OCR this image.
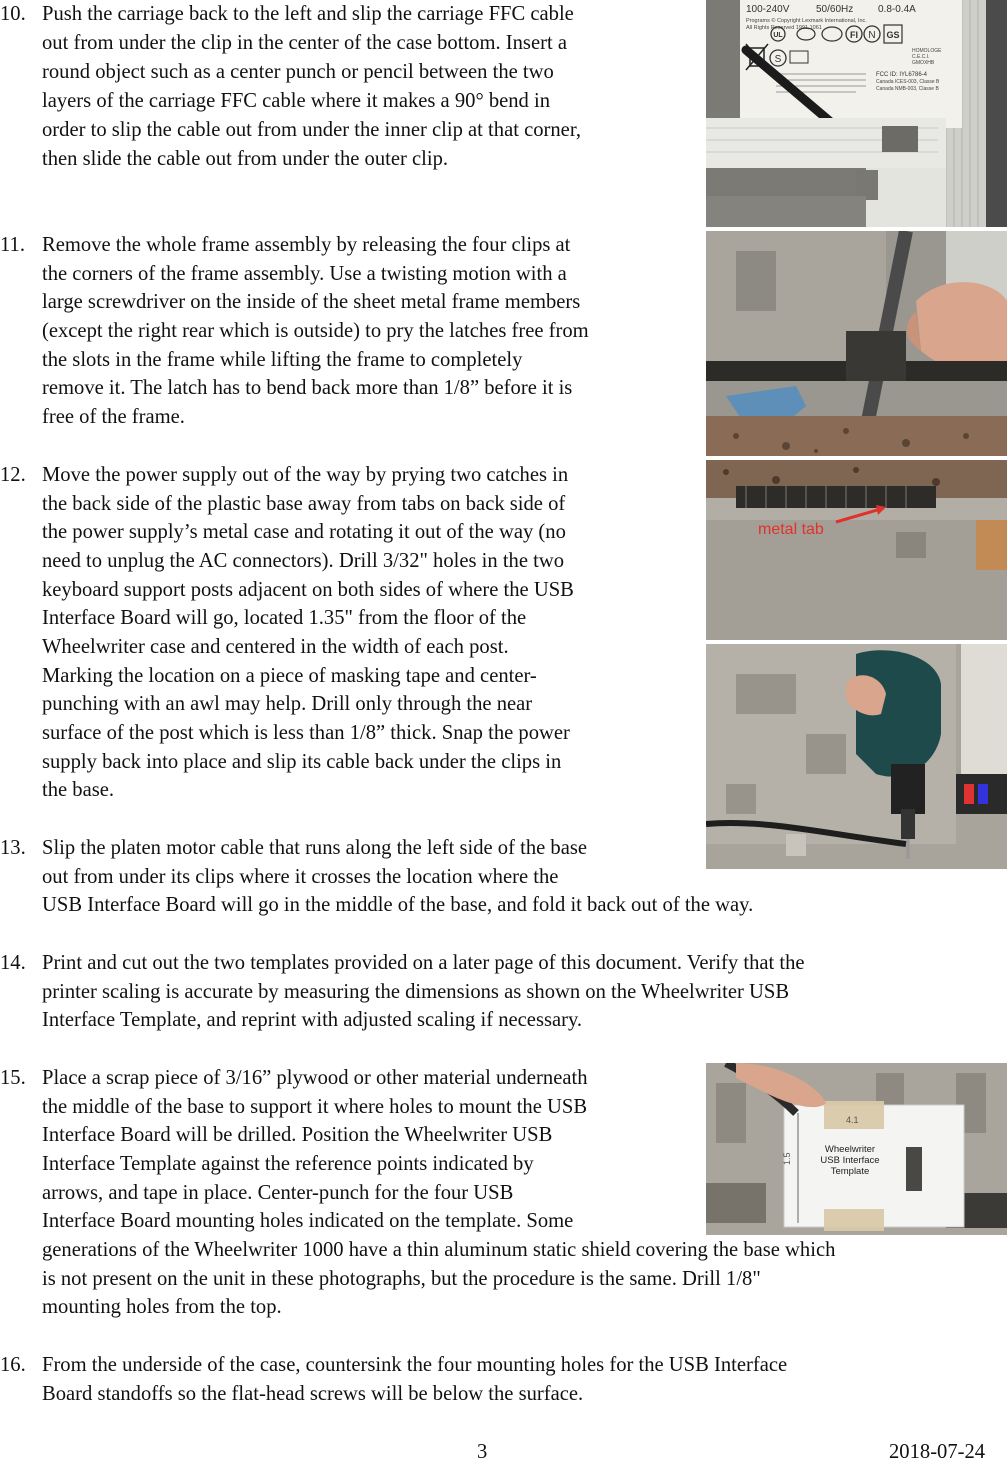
10. Push the carriage back to the left and slip the carriage FFC cable
out from under the clip in the center of the case bottom. Insert a
round object such as a center punch or pencil between the two
layers of the carriage FFC cable where it makes a 90° bend in
order to slip the cable out from under the inner clip at that corner,
then slide the cable out from under the outer clip.
11. Remove the whole frame assembly by releasing the four clips at
the corners of the frame assembly. Use a twisting motion with a
large screwdriver on the inside of the sheet metal frame members
(except the right rear which is outside) to pry the latches free from
the slots in the frame while lifting the frame to completely
remove it. The latch has to bend back more than 1/8” before it is
free of the frame.
12. Move the power supply out of the way by prying two catches in
the back side of the plastic base away from tabs on back side of
the power supply’s metal case and rotating it out of the way (no
need to unplug the AC connectors). Drill 3/32" holes in the two
keyboard support posts adjacent on both sides of where the USB
Interface Board will go, located 1.35" from the floor of the
Wheelwriter case and centered in the width of each post.
Marking the location on a piece of masking tape and center-
punching with an awl may help. Drill only through the near
surface of the post which is less than 1/8” thick. Snap the power
supply back into place and slip its cable back under the clips in
the base.
13. Slip the platen motor cable that runs along the left side of the base
out from under its clips where it crosses the location where the
USB Interface Board will go in the middle of the base, and fold it back out of the way.
14. Print and cut out the two templates provided on a later page of this document. Verify that the
printer scaling is accurate by measuring the dimensions as shown on the Wheelwriter USB
Interface Template, and reprint with adjusted scaling if necessary.
15. Place a scrap piece of 3/16” plywood or other material underneath
the middle of the base to support it where holes to mount the USB
Interface Board will be drilled. Position the Wheelwriter USB
Interface Template against the reference points indicated by
arrows, and tape in place. Center-punch for the four USB
Interface Board mounting holes indicated on the template. Some
generations of the Wheelwriter 1000 have a thin aluminum static shield covering the base which
is not present on the unit in these photographs, but the procedure is the same. Drill 1/8"
mounting holes from the top.
16. From the underside of the case, countersink the four mounting holes for the USB Interface
Board standoffs so the flat-head screws will be below the surface.
100-240V	50/60Hz 0.8-0.4A
Programs © Copyright Lexmark International, Inc.
All Rights Reserved 1991,1061
UL	FI N GS
S
HOMOLOGE
C.E.C.I.
GMOXHB
FCC ID: IYL6786-4
Canada ICES-003, Classe B
Canada NMB-003, Classe B
metal tab
1.5
4.1
Wheelwriter
USB Interface
Template
3	2018-07-24
